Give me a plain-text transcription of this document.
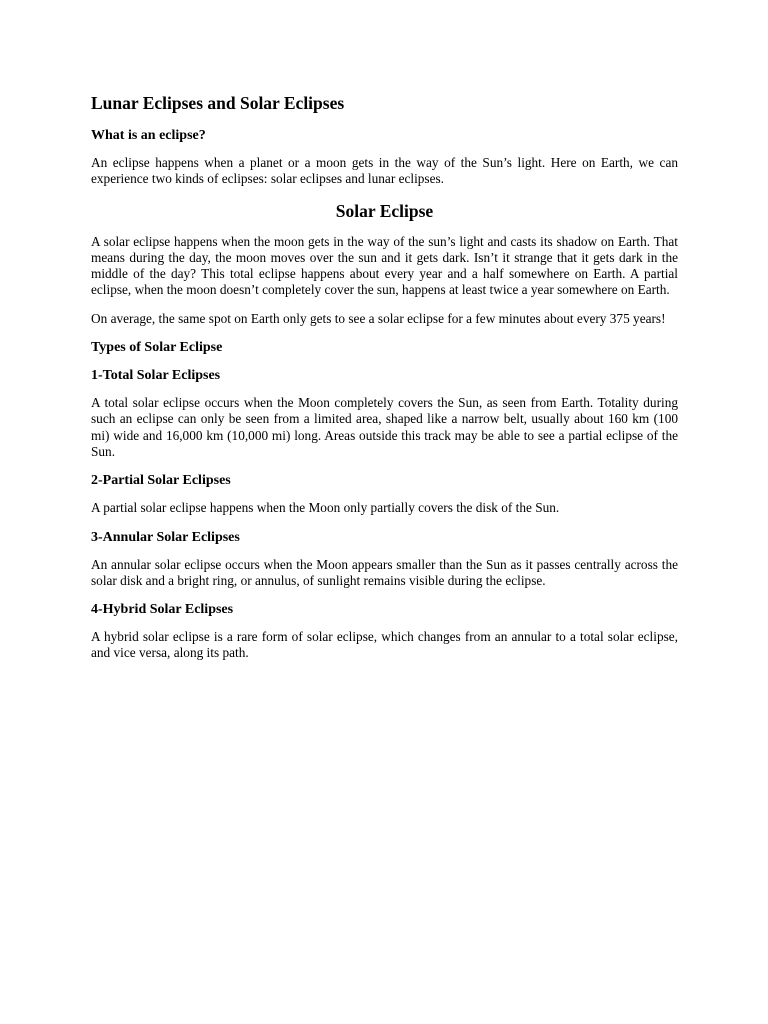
Lunar Eclipses and Solar Eclipses
What is an eclipse?

An eclipse happens when a planet or a moon gets in the way of the Sun’s light. Here on Earth, we can experience two kinds of eclipses: solar eclipses and lunar eclipses.

Solar Eclipse

A solar eclipse happens when the moon gets in the way of the sun’s light and casts its shadow on Earth. That means during the day, the moon moves over the sun and it gets dark. Isn’t it strange that it gets dark in the middle of the day? This total eclipse happens about every year and a half somewhere on Earth. A partial eclipse, when the moon doesn’t completely cover the sun, happens at least twice a year somewhere on Earth.

On average, the same spot on Earth only gets to see a solar eclipse for a few minutes about every 375 years!

Types of Solar Eclipse
1-Total Solar Eclipses

A total solar eclipse occurs when the Moon completely covers the Sun, as seen from Earth. Totality during such an eclipse can only be seen from a limited area, shaped like a narrow belt, usually about 160 km (100 mi) wide and 16,000 km (10,000 mi) long. Areas outside this track may be able to see a partial eclipse of the Sun.

2-Partial Solar Eclipses

A partial solar eclipse happens when the Moon only partially covers the disk of the Sun.

3-Annular Solar Eclipses

An annular solar eclipse occurs when the Moon appears smaller than the Sun as it passes centrally across the solar disk and a bright ring, or annulus, of sunlight remains visible during the eclipse.

4-Hybrid Solar Eclipses

A hybrid solar eclipse is a rare form of solar eclipse, which changes from an annular to a total solar eclipse, and vice versa, along its path.
